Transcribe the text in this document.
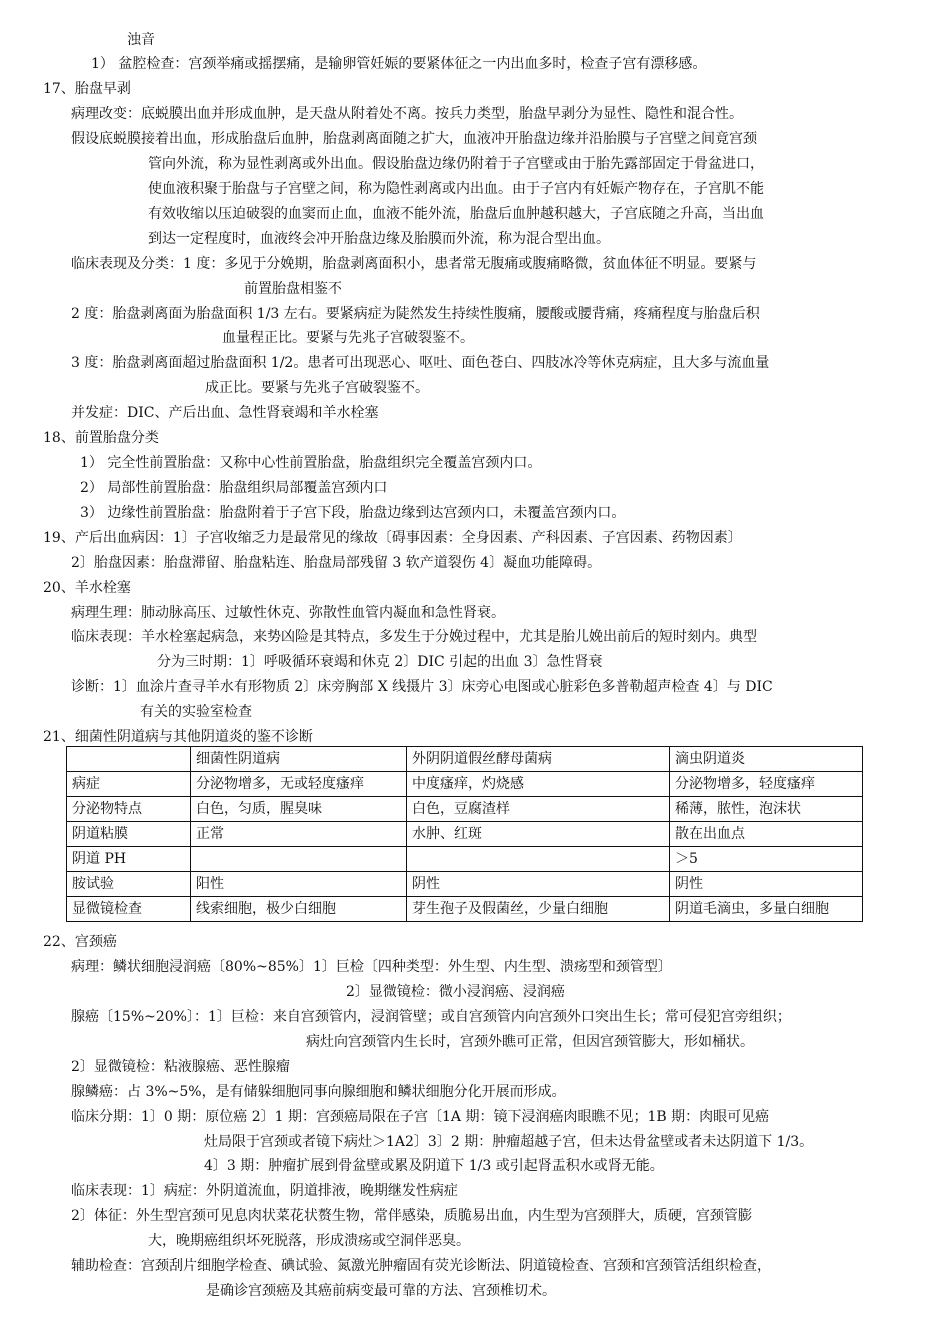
浊音
1） 盆腔检查：宫颈举痛或摇摆痛，是输卵管妊娠的要紧体征之一内出血多时，检查子宫有漂移感。
17、胎盘早剥
病理改变：底蜕膜出血并形成血肿，是天盘从附着处不离。按兵力类型，胎盘早剥分为显性、隐性和混合性。
假设底蜕膜接着出血，形成胎盘后血肿，胎盘剥离面随之扩大，血液冲开胎盘边缘并沿胎膜与子宫壁之间竟宫颈
管向外流，称为显性剥离或外出血。假设胎盘边缘仍附着于子宫壁或由于胎先露部固定于骨盆进口，
使血液积聚于胎盘与子宫壁之间，称为隐性剥离或内出血。由于子宫内有妊娠产物存在，子宫肌不能
有效收缩以压迫破裂的血窦而止血，血液不能外流，胎盘后血肿越积越大，子宫底随之升高，当出血
到达一定程度时，血液终会冲开胎盘边缘及胎膜而外流，称为混合型出血。
临床表现及分类：1 度：多见于分娩期，胎盘剥离面积小，患者常无腹痛或腹痛略微，贫血体征不明显。要紧与
前置胎盘相鉴不
2 度：胎盘剥离面为胎盘面积 1/3 左右。要紧病症为陡然发生持续性腹痛，腰酸或腰背痛，疼痛程度与胎盘后积
血量程正比。要紧与先兆子宫破裂鉴不。
3 度：胎盘剥离面超过胎盘面积 1/2。患者可出现恶心、呕吐、面色苍白、四肢冰冷等休克病症，且大多与流血量
成正比。要紧与先兆子宫破裂鉴不。
并发症：DIC、产后出血、急性肾衰竭和羊水栓塞
18、前置胎盘分类
1） 完全性前置胎盘：又称中心性前置胎盘，胎盘组织完全覆盖宫颈内口。
2） 局部性前置胎盘：胎盘组织局部覆盖宫颈内口
3） 边缘性前置胎盘：胎盘附着于子宫下段，胎盘边缘到达宫颈内口，未覆盖宫颈内口。
19、产后出血病因：1〕子宫收缩乏力是最常见的缘故〔碍事因素：全身因素、产科因素、子宫因素、药物因素〕
2〕胎盘因素：胎盘滞留、胎盘粘连、胎盘局部残留 3 软产道裂伤 4〕凝血功能障碍。
20、羊水栓塞
病理生理：肺动脉高压、过敏性休克、弥散性血管内凝血和急性肾衰。
临床表现：羊水栓塞起病急，来势凶险是其特点，多发生于分娩过程中，尤其是胎儿娩出前后的短时刻内。典型
分为三时期：1〕呼吸循环衰竭和休克 2〕DIC 引起的出血 3〕急性肾衰
诊断：1〕血涂片查寻羊水有形物质 2〕床旁胸部 X 线摄片 3〕床旁心电图或心脏彩色多普勒超声检查 4〕与 DIC
有关的实验室检查
21、细菌性阴道病与其他阴道炎的鉴不诊断
	细菌性阴道病	外阴阴道假丝酵母菌病	滴虫阴道炎
病症	分泌物增多，无或轻度瘙痒	中度瘙痒，灼烧感	分泌物增多，轻度瘙痒
分泌物特点	白色，匀质，腥臭味	白色，豆腐渣样	稀薄，脓性，泡沫状
阴道粘膜	正常	水肿、红斑	散在出血点
阴道 PH			＞5
胺试验	阳性	阴性	阴性
显微镜检查	线索细胞，极少白细胞	芽生孢子及假菌丝，少量白细胞	阴道毛滴虫，多量白细胞
22、宫颈癌
病理：鳞状细胞浸润癌〔80%~85%〕1〕巨检〔四种类型：外生型、内生型、溃疡型和颈管型〕
2〕显微镜检：微小浸润癌、浸润癌
腺癌〔15%~20%〕：1〕巨检：来自宫颈管内，浸润管壁；或自宫颈管内向宫颈外口突出生长；常可侵犯宫旁组织；
病灶向宫颈管内生长时，宫颈外瞧可正常，但因宫颈管膨大，形如桶状。
2〕显微镜检：粘液腺癌、恶性腺瘤
腺鳞癌：占 3%~5%，是有储躲细胞同事向腺细胞和鳞状细胞分化开展而形成。
临床分期：1〕0 期：原位癌 2〕1 期：宫颈癌局限在子宫〔1A 期：镜下浸润癌肉眼瞧不见；1B 期：肉眼可见癌
灶局限于宫颈或者镜下病灶＞1A2〕3〕2 期：肿瘤超越子宫，但未达骨盆壁或者未达阴道下 1/3。
4〕3 期：肿瘤扩展到骨盆壁或累及阴道下 1/3 或引起肾盂积水或肾无能。
临床表现：1〕病症：外阴道流血，阴道排液，晚期继发性病症
2〕体征：外生型宫颈可见息肉状菜花状赘生物，常伴感染，质脆易出血，内生型为宫颈胖大，质硬，宫颈管膨
大，晚期癌组织坏死脱落，形成溃疡或空洞伴恶臭。
辅助检查：宫颈刮片细胞学检查、碘试验、氮激光肿瘤固有荧光诊断法、阴道镜检查、宫颈和宫颈管活组织检查，
是确诊宫颈癌及其癌前病变最可靠的方法、宫颈椎切术。
